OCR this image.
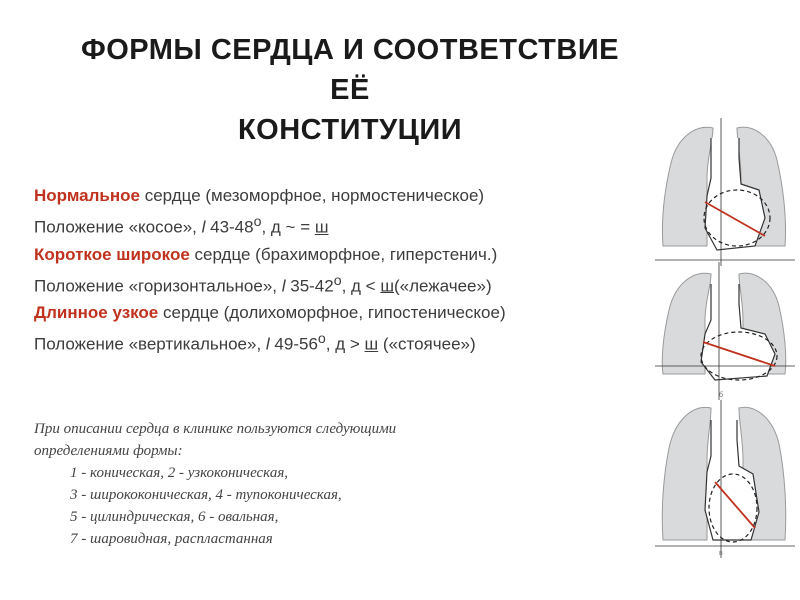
ФОРМЫ СЕРДЦА И СООТВЕТСТВИЕ ЕЁ
КОНСТИТУЦИИ
Нормальное сердце (мезоморфное, нормостеническое)
Положение «косое», l $43-48^о$, д ~ = ш
Короткое широкое сердце (брахиморфное, гиперстенич.)
Положение «горизонтальное», l $35-42^о$, д < ш(«лежачее»)
Длинное узкое сердце (долихоморфное, гипостеническое)
Положение «вертикальное», l $49-56^о$, д > ш («стоячее»)
При описании сердца в клинике пользуются следующими
определениями формы:
1 - коническая, 2 - узкоконическая,
3 - ширококоническая, 4 - тупоконическая,
5 - цилиндрическая, 6 - овальная,
7 - шаровидная, распластанная
б
в
